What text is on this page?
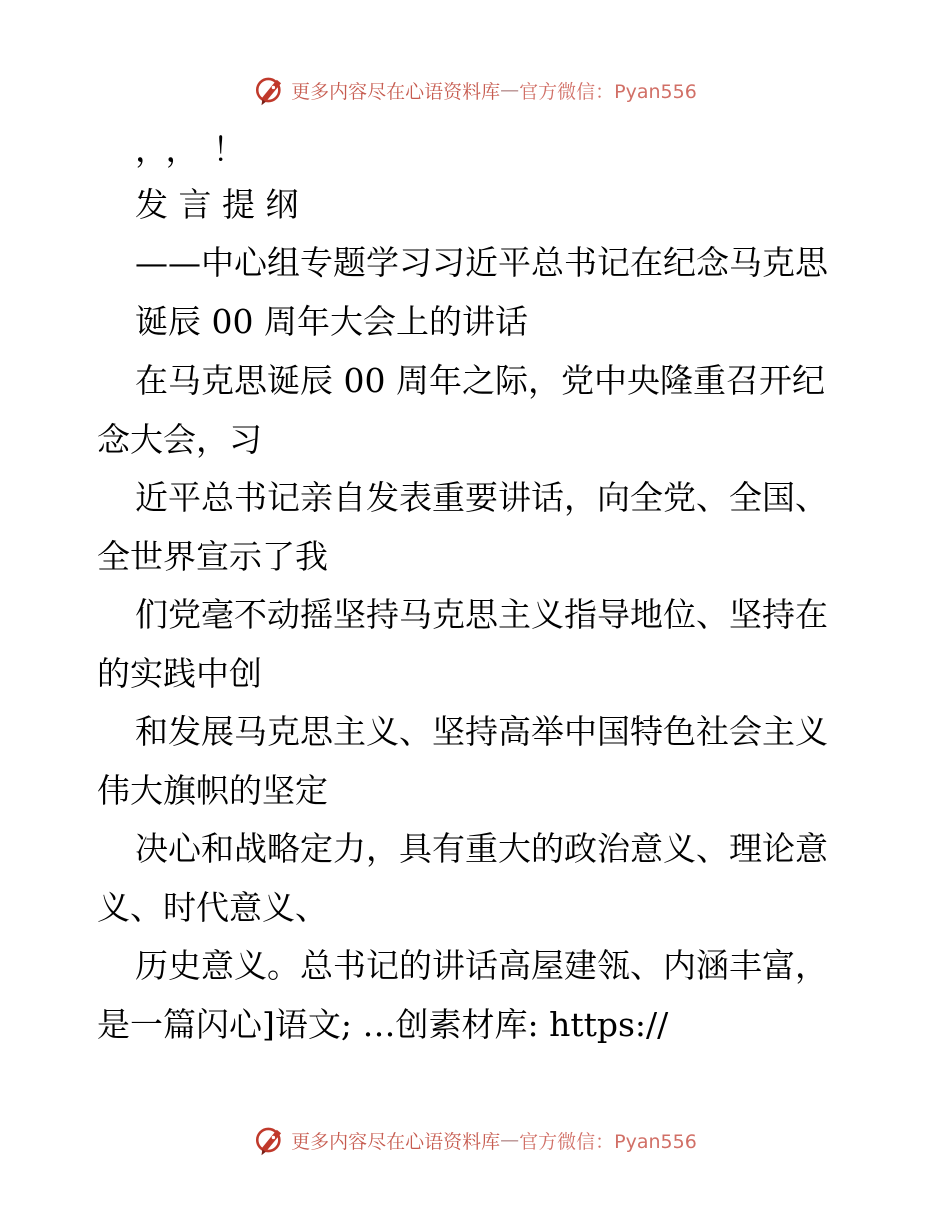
更多内容尽在心语资料库 — 官方微信：Pyan556
，，！
发 言 提 纲
——中心组专题学习习近平总书记在纪念马克思
诞辰 00 周年大会上的讲话
在马克思诞辰 00 周年之际，党中央隆重召开纪
念大会，习
近平总书记亲自发表重要讲话，向全党、全国、
全世界宣示了我
们党毫不动摇坚持马克思主义指导地位、坚持在
的实践中创
和发展马克思主义、坚持高举中国特色社会主义
伟大旗帜的坚定
决心和战略定力，具有重大的政治意义、理论意
义、时代意义、
历史意义。总书记的讲话高屋建瓴、内涵丰富，
是一篇闪心]语文; …创素材库: https://
更多内容尽在心语资料库 — 官方微信：Pyan556
